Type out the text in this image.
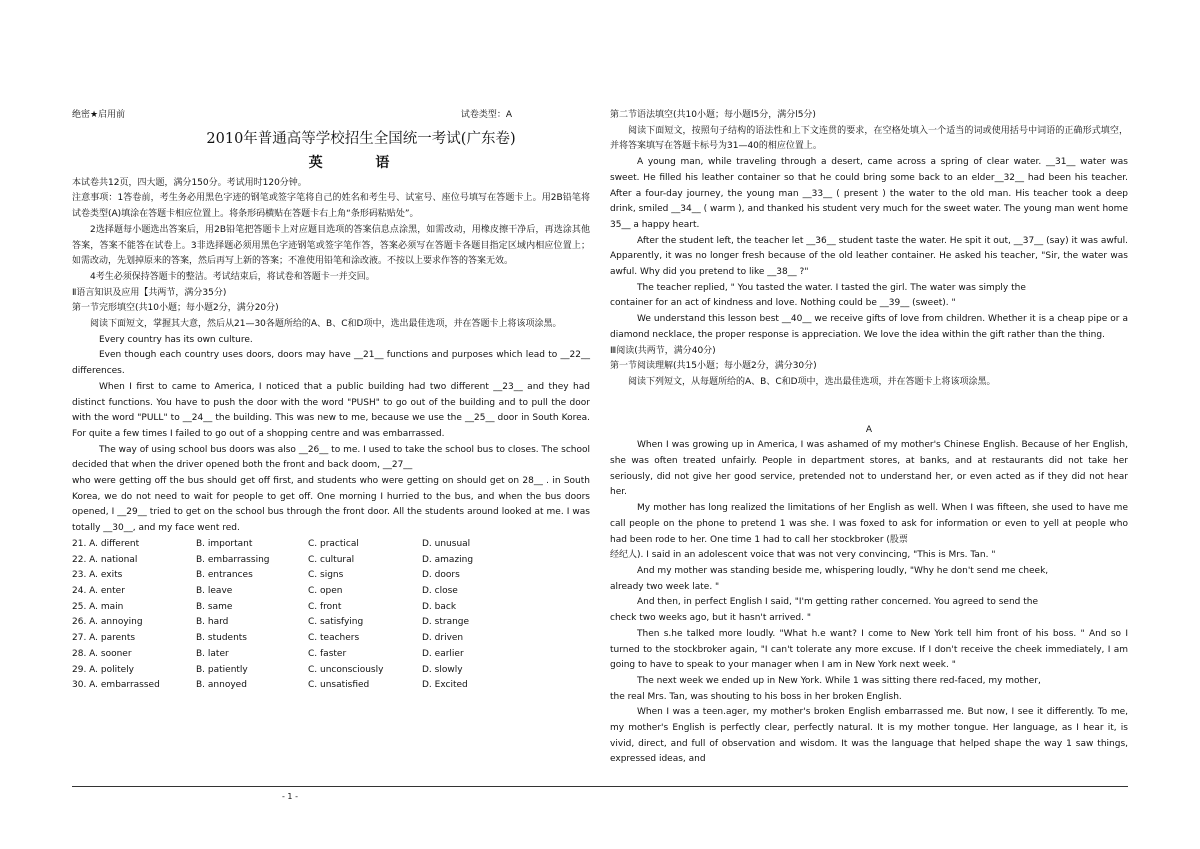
绝密★启用前	试卷类型：A
2010年普通高等学校招生全国统一考试(广东卷)
英 语

本试卷共12页，四大题，满分150分。考试用时120分钟。

注意事项：1答卷前，考生务必用黑色字迹的钢笔或签字笔将自己的姓名和考生号、试室号、座位号填写在答题卡上。用2B铅笔将试卷类型(A)填涂在答题卡相应位置上。将条形码横贴在答题卡右上角“条形码粘贴处”。

2选择题每小题选出答案后，用2B铅笔把答题卡上对应题目选项的答案信息点涂黑，如需改动，用橡皮擦干净后，再选涂其他答案，答案不能答在试卷上。3非选择题必须用黑色字迹钢笔或签字笔作答，答案必须写在答题卡各题目指定区域内相应位置上；如需改动，先划掉原来的答案，然后再写上新的答案；不准使用铅笔和涂改液。不按以上要求作答的答案无效。

4考生必须保持答题卡的整洁。考试结束后，将试卷和答题卡一并交回。

Ⅱ语言知识及应用【共两节，满分35分)

第一节完形填空(共10小题；每小题2分，满分20分)

阅读下面短文，掌握其大意，然后从21—30各题所给的A、B、C和D项中，选出最佳选项，并在答题卡上将该项涂黑。

Every country has its own culture.

Even though each country uses doors, doors may have __21__ functions and purposes which lead to __22__ differences.

When I first to came to America, I noticed that a public building had two different __23__ and they had distinct functions. You have to push the door with the word "PUSH" to go out of the building and to pull the door with the word "PULL" to __24__ the building. This was new to me, because we use the __25__ door in South Korea. For quite a few times I failed to go out of a shopping centre and was embarrassed.

The way of using school bus doors was also __26__ to me. I used to take the school bus to closes. The school decided that when the driver opened both the front and back doom, __27__

who were getting off the bus should get off first, and students who were getting on should get on 28__ . in South Korea, we do not need to wait for people to get off. One morning I hurried to the bus, and when the bus doors opened, I __29__ tried to get on the school bus through the front door. All the students around looked at me. I was totally __30__, and my face went red.

21. A. different	B. important	C. practical	D. unusual
22. A. national	B. embarrassing	C. cultural	D. amazing
23. A. exits	B. entrances	C. signs	D. doors
24. A. enter	B. leave	C. open	D. close
25. A. main	B. same	C. front	D. back
26. A. annoying	B. hard	C. satisfying	D. strange
27. A. parents	B. students	C. teachers	D. driven
28. A. sooner	B. later	C. faster	D. earlier
29. A. politely	B. patiently	C. unconsciously	D. slowly
30. A. embarrassed	B. annoyed	C. unsatisfied	D. Excited

第二节语法填空(共10小题；每小题l5分，满分l5分)

阅读下面短文，按照句子结构的语法性和上下文连贯的要求，在空格处填入一个适当的词或使用括号中词语的正确形式填空，并将答案填写在答题卡标号为31—40的相应位置上。

A young man, while traveling through a desert, came across a spring of clear water. __31__ water was sweet. He filled his leather container so that he could bring some back to an elder__32__ had been his teacher. After a four-day journey, the young man __33__ ( present ) the water to the old man. His teacher took a deep drink, smiled __34__ ( warm ), and thanked his student very much for the sweet water. The young man went home 35__ a happy heart.

After the student left, the teacher let __36__ student taste the water. He spit it out, __37__ (say) it was awful. Apparently, it was no longer fresh because of the old leather container. He asked his teacher, "Sir, the water was awful. Why did you pretend to like __38__ ?"

The teacher replied, " You tasted the water. I tasted the girl. The water was simply the

container for an act of kindness and love. Nothing could be __39__ (sweet). "

We understand this lesson best __40__ we receive gifts of love from children. Whether it is a cheap pipe or a diamond necklace, the proper response is appreciation. We love the idea within the gift rather than the thing.

Ⅲ阅读(共两节，满分40分)

第一节阅读理解(共15小题；每小题2分，满分30分)

阅读下列短文，从每题所给的A、B、C和D项中，选出最佳选项，并在答题卡上将该项涂黑。

A

When I was growing up in America, I was ashamed of my mother's Chinese English. Because of her English, she was often treated unfairly. People in department stores, at banks, and at restaurants did not take her seriously, did not give her good service, pretended not to understand her, or even acted as if they did not hear her.

My mother has long realized the limitations of her English as well. When I was fifteen, she used to have me call people on the phone to pretend 1 was she. I was foxed to ask for information or even to yell at people who had been rode to her. One time 1 had to call her stockbroker (股票

经纪人). I said in an adolescent voice that was not very convincing, "This is Mrs. Tan. "

And my mother was standing beside me, whispering loudly, "Why he don't send me cheek,

already two week late. "

And then, in perfect English I said, "I'm getting rather concerned. You agreed to send the

check two weeks ago, but it hasn't arrived. "

Then s.he talked more loudly. "What h.e want? I come to New York tell him front of his boss. " And so I turned to the stockbroker again, "I can't tolerate any more excuse. If I don't receive the cheek immediately, I am going to have to speak to your manager when I am in New York next week. "

The next week we ended up in New York. While 1 was sitting there red-faced, my mother,

the real Mrs. Tan, was shouting to his boss in her broken English.

When I was a teen.ager, my mother's broken English embarrassed me. But now, I see it differently. To me, my mother's English is perfectly clear, perfectly natural. It is my mother tongue. Her language, as I hear it, is vivid, direct, and full of observation and wisdom. It was the language that helped shape the way 1 saw things, expressed ideas, and

- 1 -
